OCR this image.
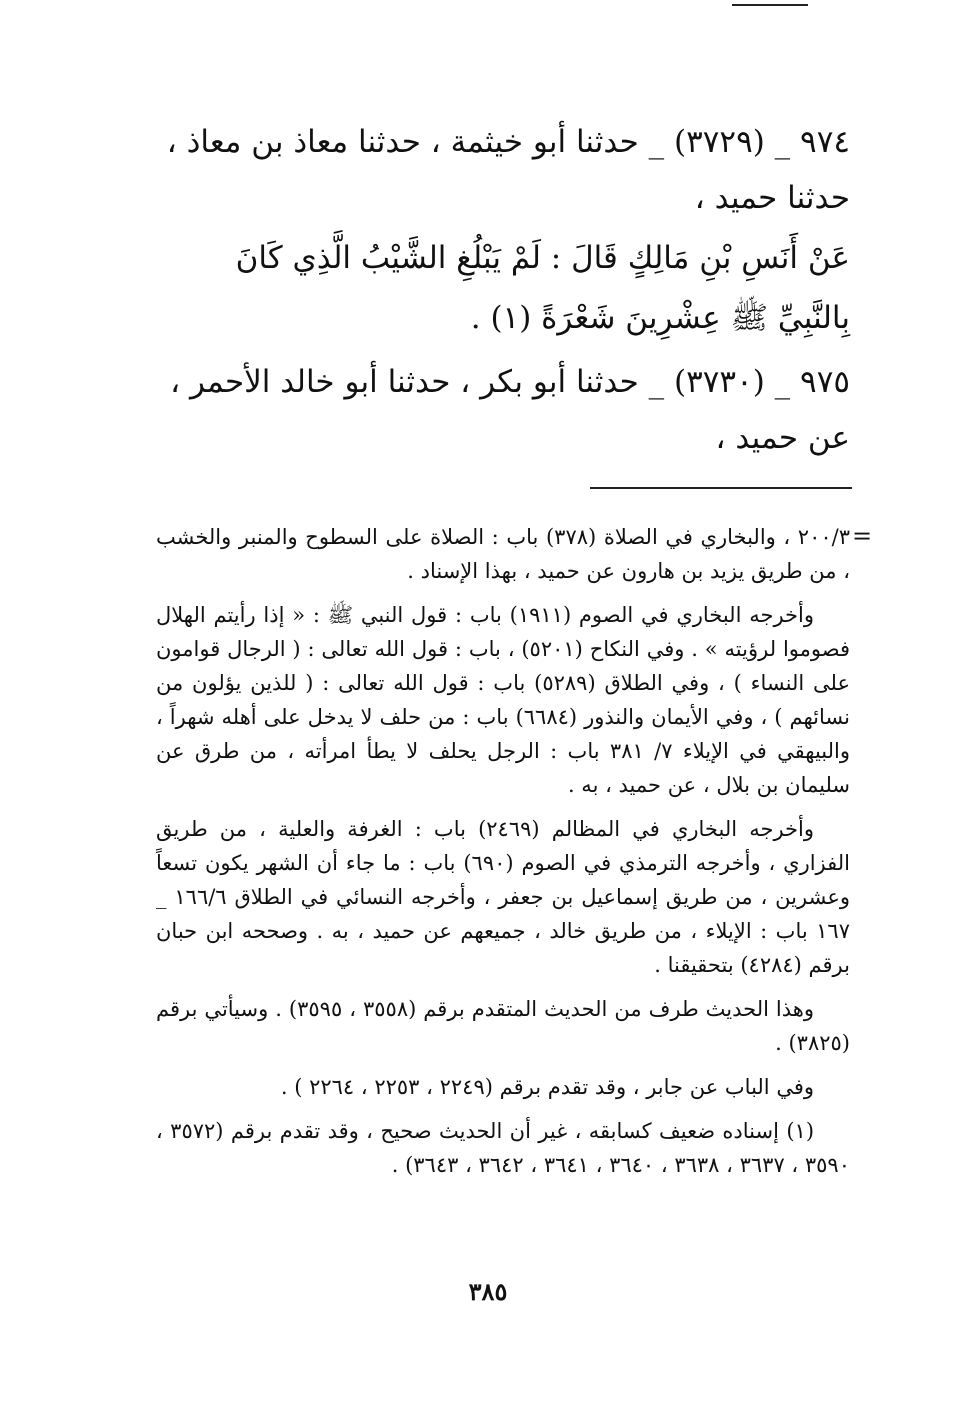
٩٧٤ _ (٣٧٢٩) _ حدثنا أبو خيثمة ، حدثنا معاذ بن معاذ ،

حدثنا حميد ،

عَنْ أَنَسِ بْنِ مَالِكٍ قَالَ : لَمْ يَبْلُغِ الشَّيْبُ الَّذِي كَانَ

بِالنَّبِيِّ ﷺ عِشْرِينَ شَعْرَةً (١) .

٩٧٥ _ (٣٧٣٠) _ حدثنا أبو بكر ، حدثنا أبو خالد الأحمر ،

عن حميد ،

=

٢٠٠/٣ ، والبخاري في الصلاة (٣٧٨) باب : الصلاة على السطوح والمنبر والخشب ، من طريق يزيد بن هارون عن حميد ، بهذا الإسناد .

وأخرجه البخاري في الصوم (١٩١١) باب : قول النبي ﷺ : « إذا رأيتم الهلال فصوموا لرؤيته » . وفي النكاح (٥٢٠١) ، باب : قول الله تعالى : ( الرجال قوامون على النساء ) ، وفي الطلاق (٥٢٨٩) باب : قول الله تعالى : ( للذين يؤلون من نسائهم ) ، وفي الأيمان والنذور (٦٦٨٤) باب : من حلف لا يدخل على أهله شهراً ، والبيهقي في الإيلاء ٧/ ٣٨١ باب : الرجل يحلف لا يطأ امرأته ، من طرق عن سليمان بن بلال ، عن حميد ، به .

وأخرجه البخاري في المظالم (٢٤٦٩) باب : الغرفة والعلية ، من طريق الفزاري ، وأخرجه الترمذي في الصوم (٦٩٠) باب : ما جاء أن الشهر يكون تسعاً وعشرين ، من طريق إسماعيل بن جعفر ، وأخرجه النسائي في الطلاق ١٦٦/٦ _ ١٦٧ باب : الإيلاء ، من طريق خالد ، جميعهم عن حميد ، به . وصححه ابن حبان برقم (٤٢٨٤) بتحقيقنا .

وهذا الحديث طرف من الحديث المتقدم برقم (٣٥٥٨ ، ٣٥٩٥) . وسيأتي برقم (٣٨٢٥) .

وفي الباب عن جابر ، وقد تقدم برقم (٢٢٤٩ ، ٢٢٥٣ ، ٢٢٦٤ ) .

(١) إسناده ضعيف كسابقه ، غير أن الحديث صحيح ، وقد تقدم برقم (٣٥٧٢ ، ٣٥٩٠ ، ٣٦٣٧ ، ٣٦٣٨ ، ٣٦٤٠ ، ٣٦٤١ ، ٣٦٤٢ ، ٣٦٤٣) .

٣٨٥
